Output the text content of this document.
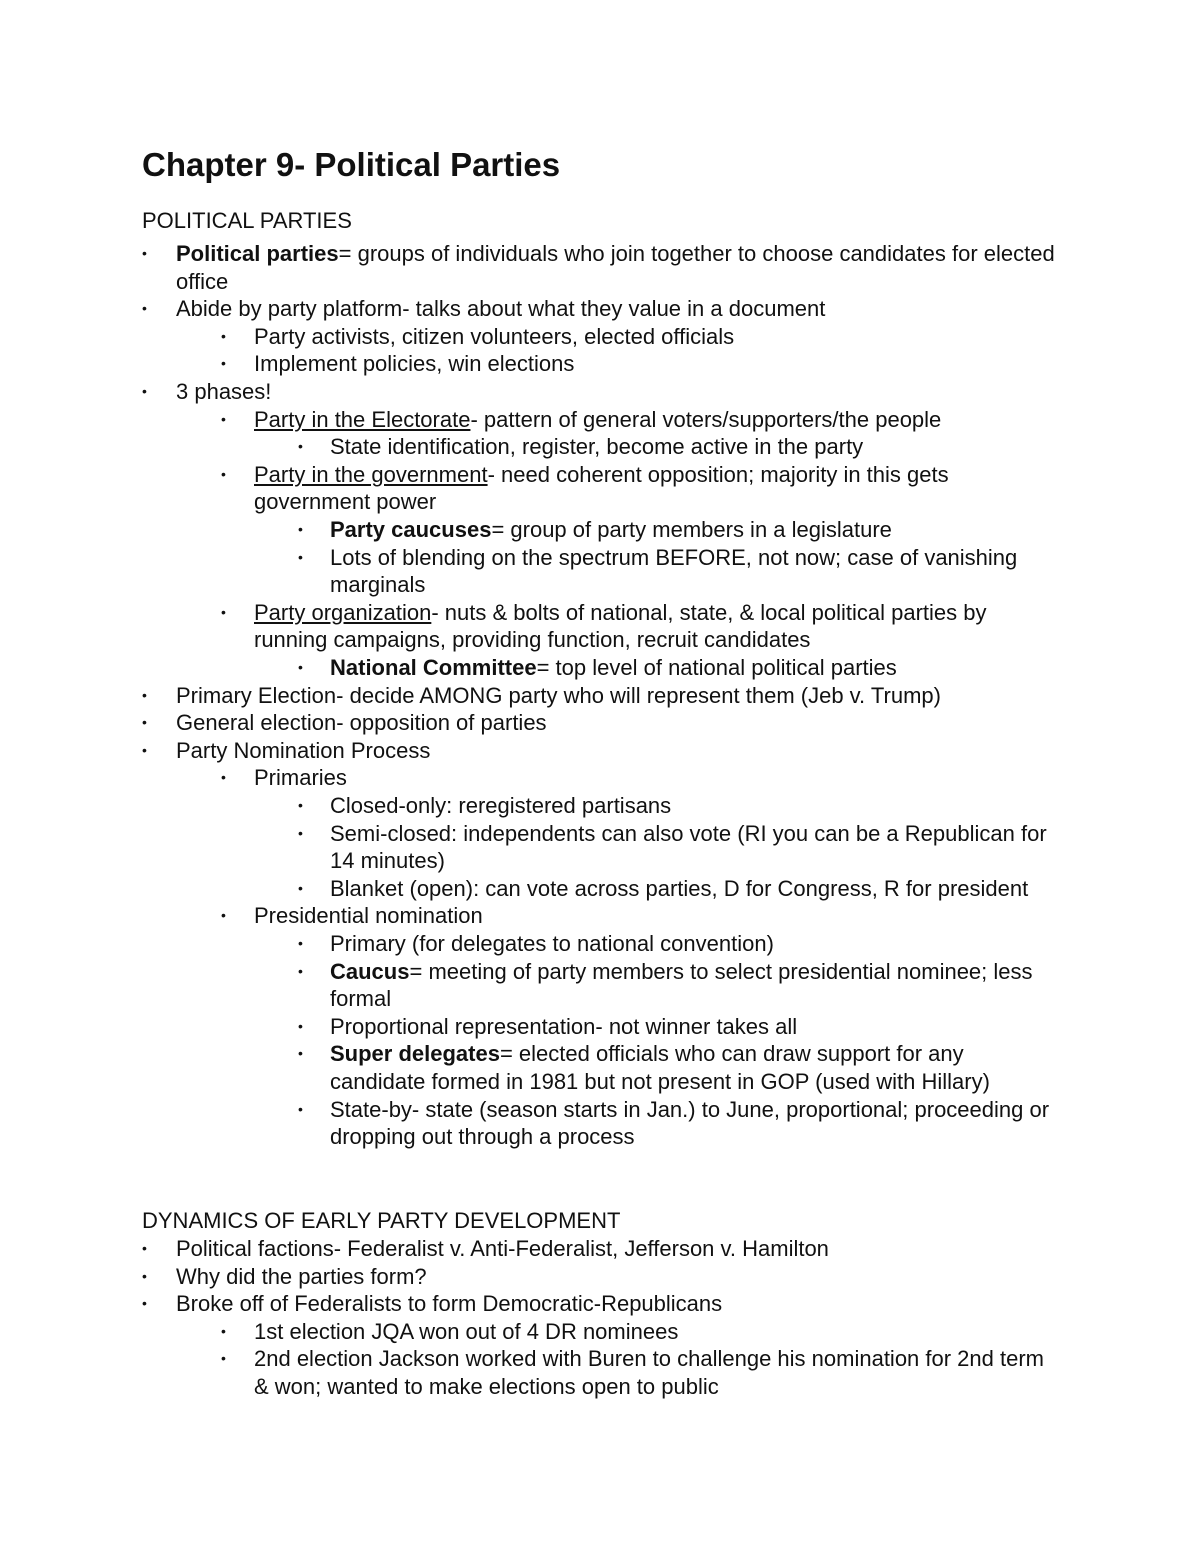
Chapter 9- Political Parties
POLITICAL PARTIES
• Political parties= groups of individuals who join together to choose candidates for elected office
• Abide by party platform- talks about what they value in a document
• Party activists, citizen volunteers, elected officials
• Implement policies, win elections
• 3 phases!
• Party in the Electorate- pattern of general voters/supporters/the people
• State identification, register, become active in the party
• Party in the government- need coherent opposition; majority in this gets government power
• Party caucuses= group of party members in a legislature
• Lots of blending on the spectrum BEFORE, not now; case of vanishing marginals
• Party organization- nuts & bolts of national, state, & local political parties by running campaigns, providing function, recruit candidates
• National Committee= top level of national political parties
• Primary Election- decide AMONG party who will represent them (Jeb v. Trump)
• General election- opposition of parties
• Party Nomination Process
• Primaries
• Closed-only: reregistered partisans
• Semi-closed: independents can also vote (RI you can be a Republican for 14 minutes)
• Blanket (open): can vote across parties, D for Congress, R for president
• Presidential nomination
• Primary (for delegates to national convention)
• Caucus= meeting of party members to select presidential nominee; less formal
• Proportional representation- not winner takes all
• Super delegates= elected officials who can draw support for any candidate formed in 1981 but not present in GOP (used with Hillary)
• State-by- state (season starts in Jan.) to June, proportional; proceeding or dropping out through a process
DYNAMICS OF EARLY PARTY DEVELOPMENT
• Political factions- Federalist v. Anti-Federalist, Jefferson v. Hamilton
• Why did the parties form?
• Broke off of Federalists to form Democratic-Republicans
• 1st election JQA won out of 4 DR nominees
• 2nd election Jackson worked with Buren to challenge his nomination for 2nd term & won; wanted to make elections open to public
